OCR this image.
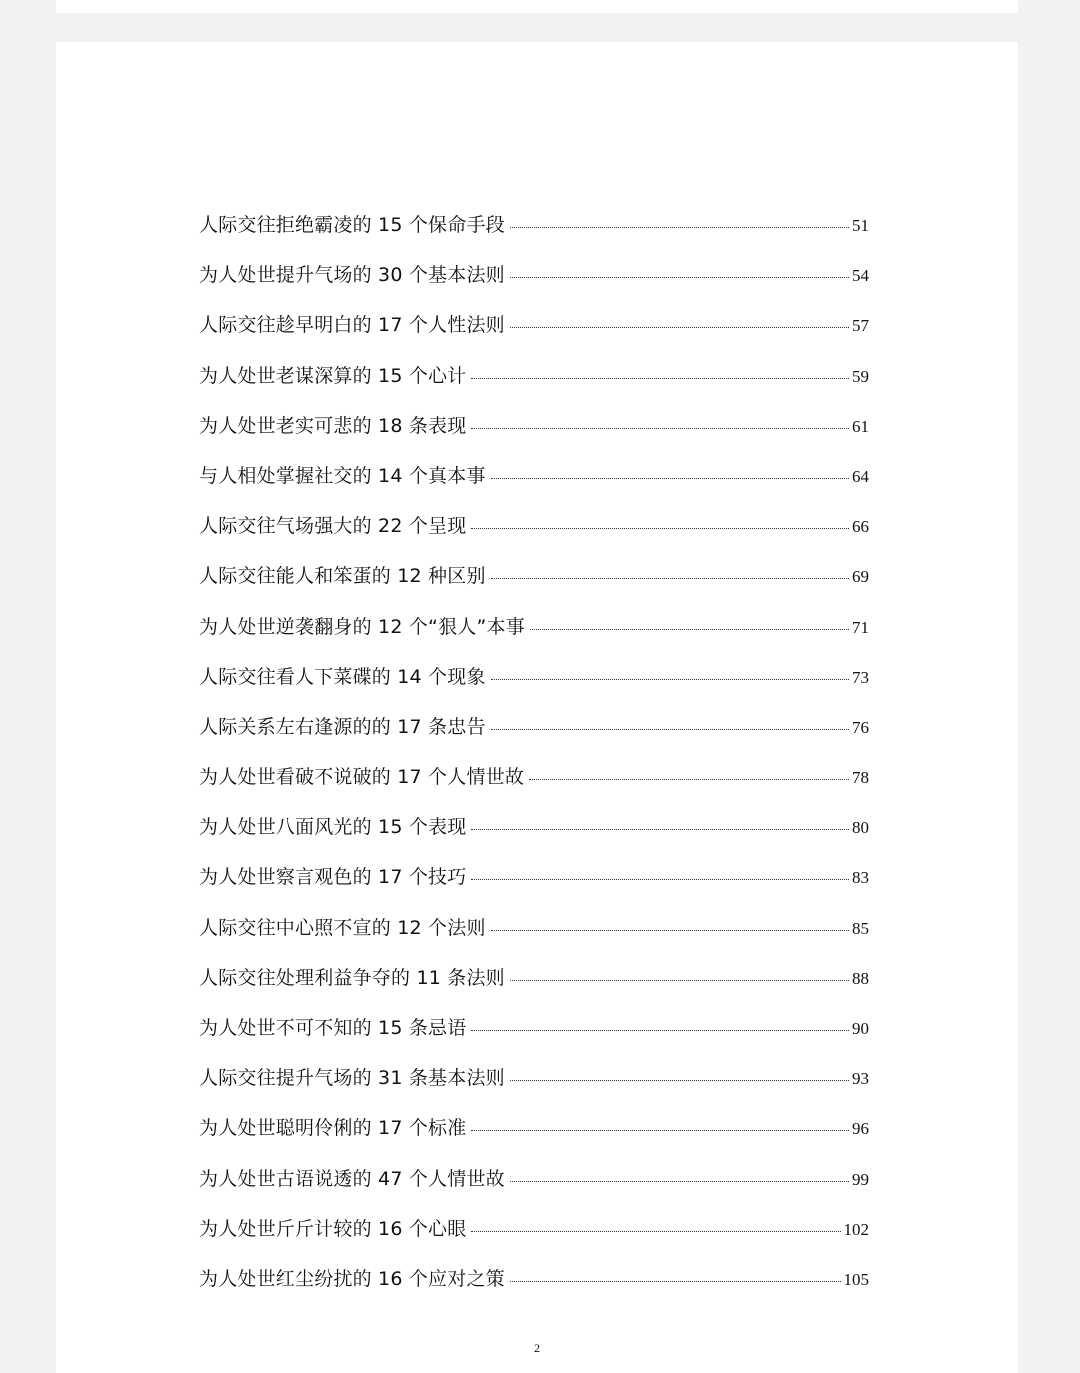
人际交往拒绝霸凌的 15 个保命手段	51
为人处世提升气场的 30 个基本法则	54
人际交往趁早明白的 17 个人性法则	57
为人处世老谋深算的 15 个心计	59
为人处世老实可悲的 18 条表现	61
与人相处掌握社交的 14 个真本事	64
人际交往气场强大的 22 个呈现	66
人际交往能人和笨蛋的 12 种区别	69
为人处世逆袭翻身的 12 个“狠人”本事	71
人际交往看人下菜碟的 14 个现象	73
人际关系左右逢源的的 17 条忠告	76
为人处世看破不说破的 17 个人情世故	78
为人处世八面风光的 15 个表现	80
为人处世察言观色的 17 个技巧	83
人际交往中心照不宣的 12 个法则	85
人际交往处理利益争夺的 11 条法则	88
为人处世不可不知的 15 条忌语	90
人际交往提升气场的 31 条基本法则	93
为人处世聪明伶俐的 17 个标准	96
为人处世古语说透的 47 个人情世故	99
为人处世斤斤计较的 16 个心眼	102
为人处世红尘纷扰的 16 个应对之策	105
2
